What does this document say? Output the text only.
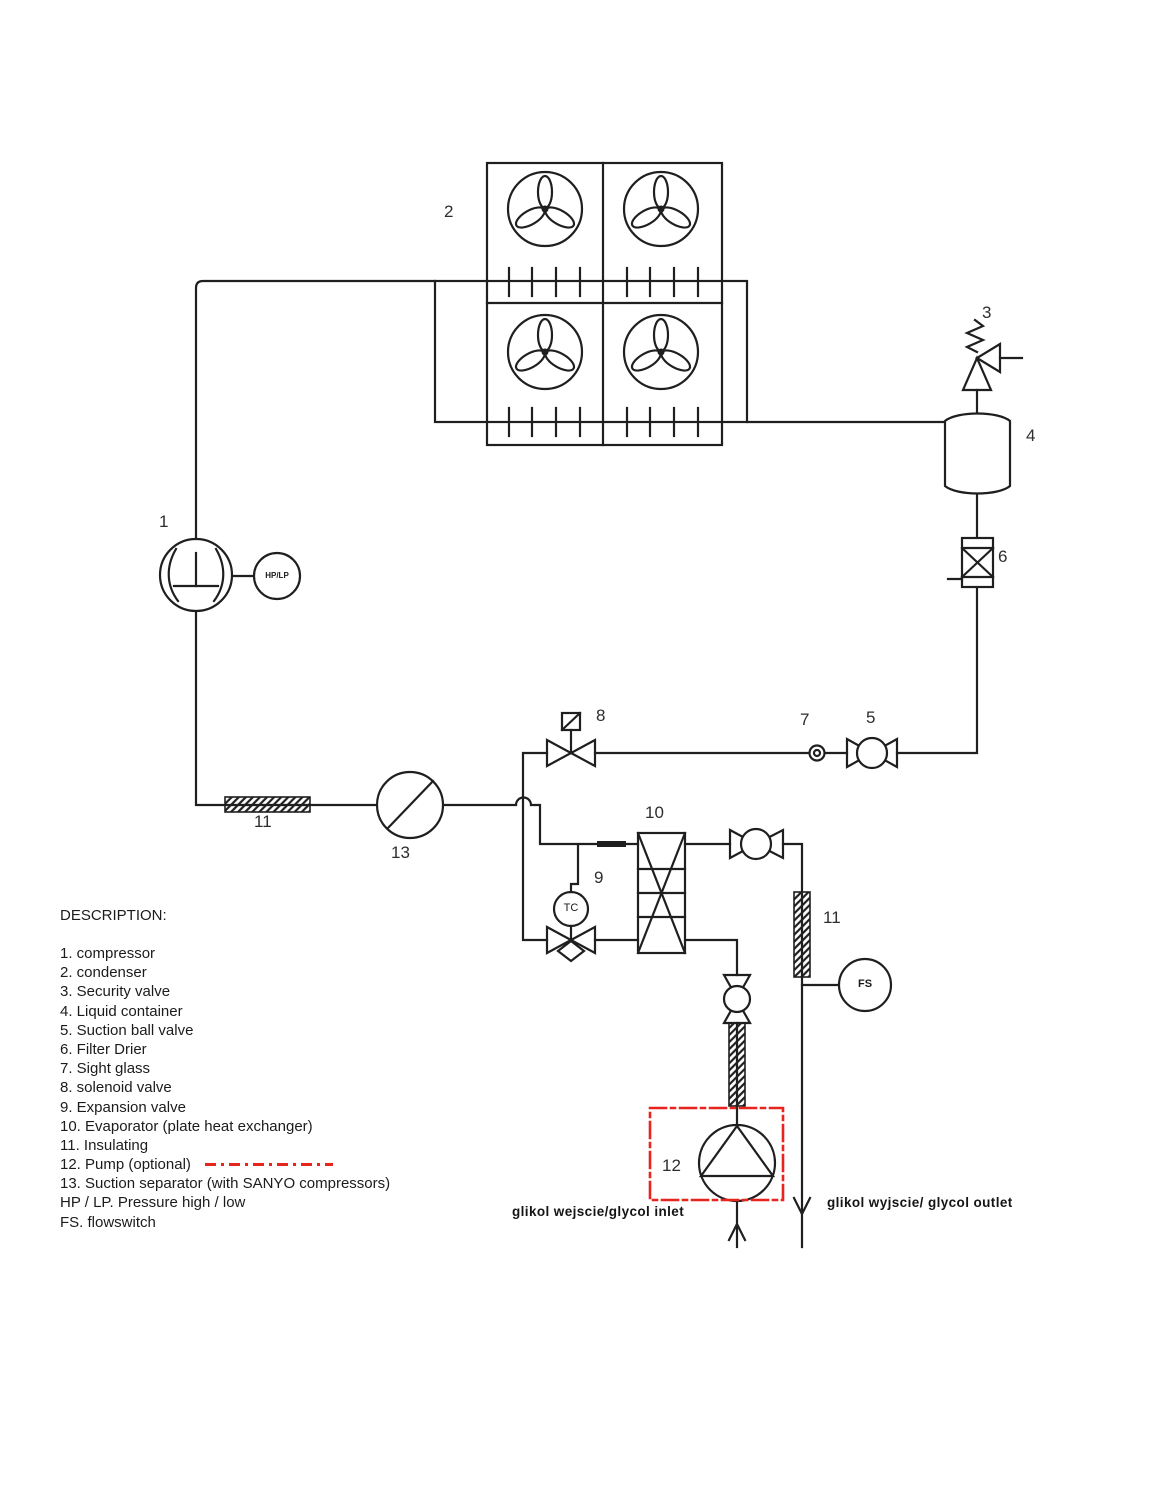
1
2
3
4
6
5
7
8
9
10
11
11
12
13
HP/LP
TC
FS
glikol wejscie/glycol inlet
glikol wyjscie/ glycol outlet
DESCRIPTION:
1. compressor
2. condenser
3. Security valve
4. Liquid container
5. Suction ball valve
6. Filter Drier
7. Sight glass
8. solenoid valve
9. Expansion valve
10. Evaporator (plate heat exchanger)
11. Insulating
12. Pump (optional)
13. Suction separator (with SANYO compressors)
HP / LP. Pressure high / low
FS. flowswitch
